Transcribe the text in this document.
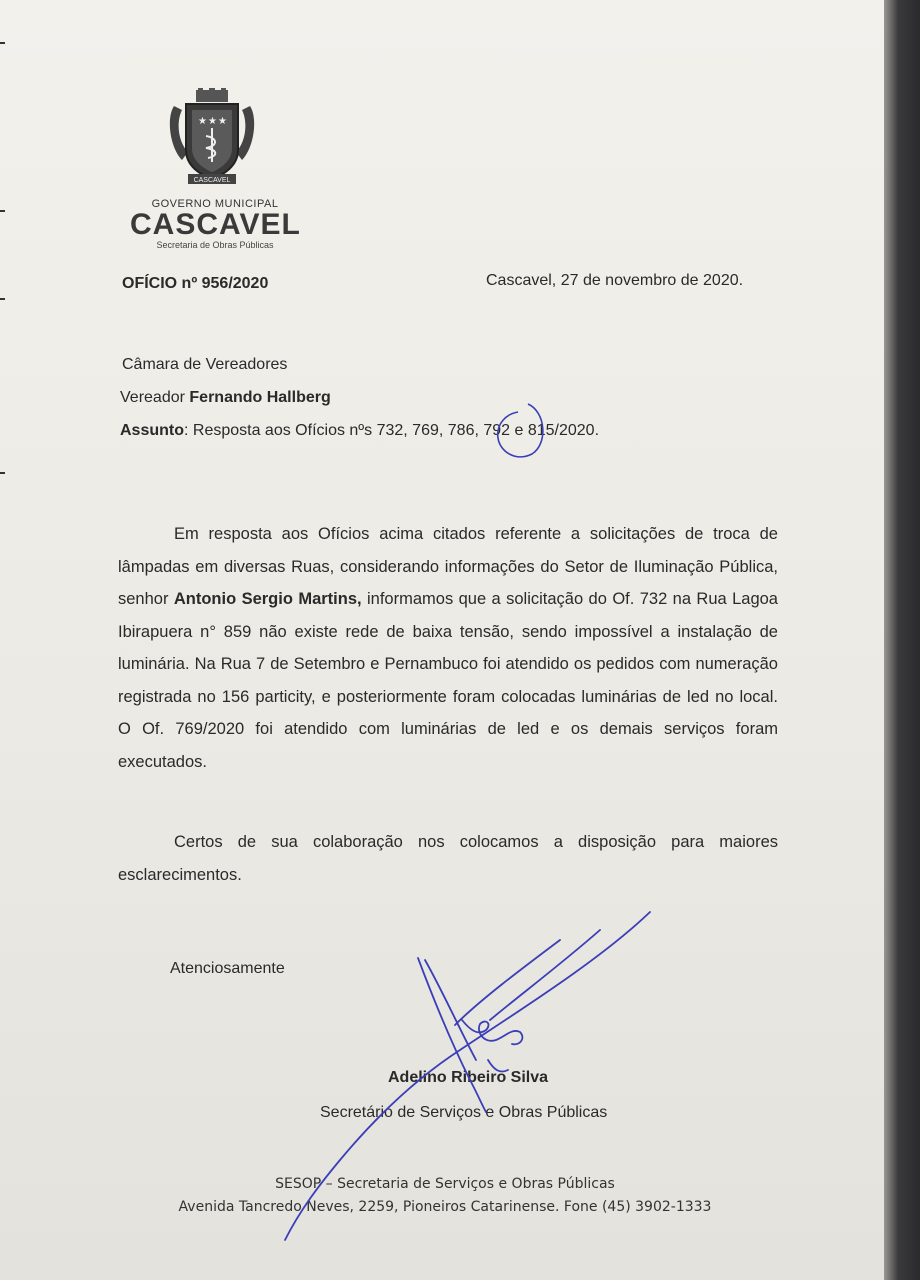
★ ★ ★
CASCAVEL
GOVERNO MUNICIPAL
CASCAVEL
Secretaria de Obras Públicas
OFÍCIO nº 956/2020	Cascavel, 27 de novembro de 2020.
Câmara de Vereadores
Vereador Fernando Hallberg
Assunto: Resposta aos Ofícios nºs 732, 769, 786, 792 e 815/2020.

Em resposta aos Ofícios acima citados referente a solicitações de troca de lâmpadas em diversas Ruas, considerando informações do Setor de Iluminação Pública, senhor Antonio Sergio Martins, informamos que a solicitação do Of. 732 na Rua Lagoa Ibirapuera n° 859 não existe rede de baixa tensão, sendo impossível a instalação de luminária. Na Rua 7 de Setembro e Pernambuco foi atendido os pedidos com numeração registrada no 156 particity, e posteriormente foram colocadas luminárias de led no local. O Of. 769/2020 foi atendido com luminárias de led e os demais serviços foram executados.

Certos de sua colaboração nos colocamos a disposição para maiores esclarecimentos.

Atenciosamente
Adelino Ribeiro Silva
Secretário de Serviços e Obras Públicas
SESOP – Secretaria de Serviços e Obras Públicas
Avenida Tancredo Neves, 2259, Pioneiros Catarinense. Fone (45) 3902-1333
